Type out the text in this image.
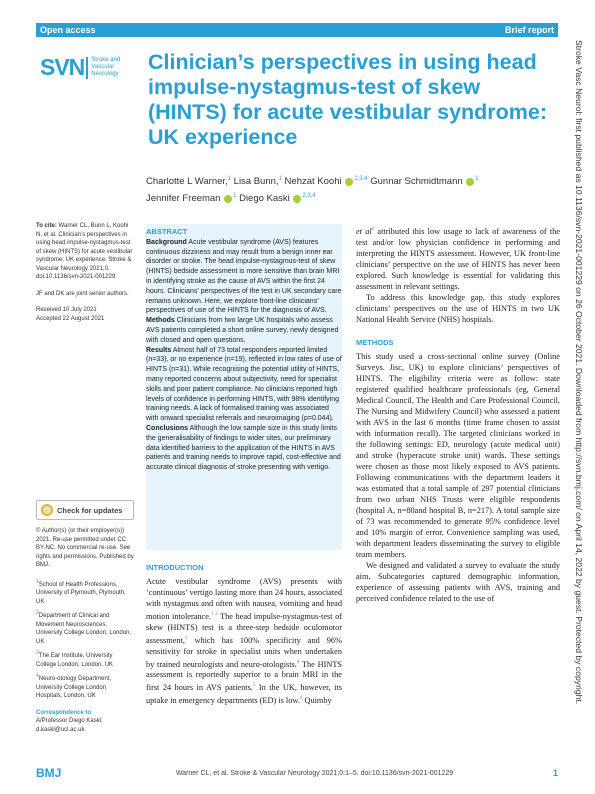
Open access	Brief report
SVN Stroke and
Vascular
Neurology Clinician’s perspectives in using head impulse-nystagmus-test of skew (HINTS) for acute vestibular syndrome: UK experience
Charlotte L Warner,$^1$ Lisa Bunn,$^1$ Nehzat Koohi $^{2,3,4}$ Gunnar Schmidtmann $^1$
Jennifer Freeman $^1$ Diego Kaski $^{2,3,4}$
To cite: Warner CL, Bunn L, Koohi N, et al. Clinician’s perspectives in using head impulse-nystagmus-test of skew (HINTS) for acute vestibular syndrome: UK experience. Stroke & Vascular Neurology 2021;0. doi:10.1136/svn-2021-001229
JF and DK are joint senior authors.
Received 10 July 2021
Accepted 22 August 2021
Check for updates
© Author(s) (or their employer(s)) 2021. Re-use permitted under CC BY-NC. No commercial re-use. See rights and permissions. Published by BMJ.
$^1$School of Health Professions, University of Plymouth, Plymouth, UK
$^2$Department of Clinical and Movement Neurosciences, University College London, London, UK
$^3$The Ear Institute, University College London, London, UK
$^4$Neuro-otology Department, University College London Hospitals, London, UK
Correspondence to
A/Professor Diego Kaski; d.kaski@ucl.ac.uk
ABSTRACT

Background Acute vestibular syndrome (AVS) features continuous dizziness and may result from a benign inner ear disorder or stroke. The head impulse-nystagmus-test of skew (HINTS) bedside assessment is more sensitive than brain MRI in identifying stroke as the cause of AVS within the first 24 hours. Clinicians’ perspectives of the test in UK secondary care remains unknown. Here, we explore front-line clinicians’ perspectives of use of the HINTS for the diagnosis of AVS.

Methods Clinicians from two large UK hospitals who assess AVS patients completed a short online survey, newly designed with closed and open questions.

Results Almost half of 73 total responders reported limited (n=33), or no experience (n=19), reflected in low rates of use of HINTS (n=31). While recognising the potential utility of HINTS, many reported concerns about subjectivity, need for specialist skills and poor patient compliance. No clinicians reported high levels of confidence in performing HINTS, with 98% identifying training needs. A lack of formalised training was associated with onward specialist referrals and neuroimaging (p=0.044).

Conclusions Although the low sample size in this study limits the generalisability of findings to wider sites, our preliminary data identified barriers to the application of the HINTS in AVS patients and training needs to improve rapid, cost-effective and accurate clinical diagnosis of stroke presenting with vertigo.

INTRODUCTION

Acute vestibular syndrome (AVS) presents with ‘continuous’ vertigo lasting more than 24 hours, associated with nystagmus and often with nausea, vomiting and head motion intolerance.$^{1 2}$ The head impulse-nystagmus-test of skew (HINTS) test is a three-step bedside oculomotor assessment,$^3$ which has 100% specificity and 96% sensitivity for stroke in specialist units when undertaken by trained neurologists and neuro-otologists.$^4$ The HINTS assessment is reportedly superior to a brain MRI in the first 24 hours in AVS patients.$^5$ In the UK, however, its uptake in emergency departments (ED) is low.$^6$ Quimby

et $al^6$ attributed this low usage to lack of awareness of the test and/or low physician confidence in performing and interpreting the HINTS assessment. However, UK front-line clinicians’ perspective on the use of HINTS has never been explored. Such knowledge is essential for validating this assessment in relevant settings.

To address this knowledge gap, this study explores clinicians’ perspectives on the use of HINTS in two UK National Health Service (NHS) hospitals.

METHODS

This study used a cross-sectional online survey (Online Surveys. Jisc, UK) to explore clinicians’ perspectives of HINTS. The eligibility criteria were as follow: state registered qualified healthcare professionals (eg, General Medical Council, The Health and Care Professional Council, The Nursing and Midwifery Council) who assessed a patient with AVS in the last 6 months (time frame chosen to assist with information recall). The targeted clinicians worked in the following settings: ED, neurology (acute medical unit) and stroke (hyperacute stroke unit) wards. These settings were chosen as those most likely exposed to AVS patients. Following communications with the department leaders it was estimated that a total sample of 297 potential clinicians from two urban NHS Trusts were eligible respondents (hospital A, n=80and hospital B, n=217). A total sample size of 73 was recommended to generate 95% confidence level and 10% margin of error. Convenience sampling was used, with department leaders disseminating the survey to eligible team members.

We designed and validated a survey to evaluate the study aim. Subcategories captured demographic information, experience of assessing patients with AVS, training and perceived confidence related to the use of	Stroke Vasc Neurol: first published as 10.1136/svn-2021-001229 on 26 October 2021. Downloaded from http://svn.bmj.com/ on April 14, 2022 by guest. Protected by copyright.
BMJ	Warner CL, et al. Stroke & Vascular Neurology 2021;0:1–5. doi:10.1136/svn-2021-001229	1
